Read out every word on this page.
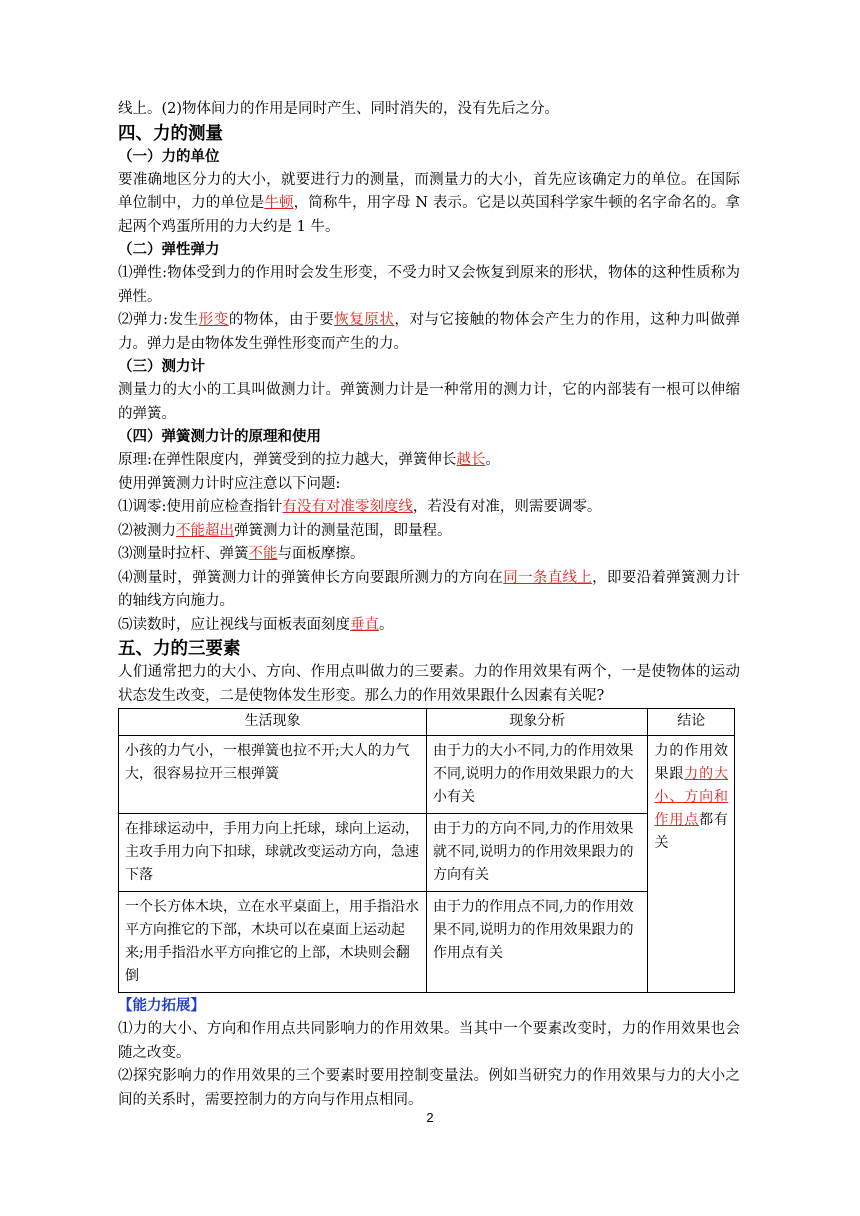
线上。(2)物体间力的作用是同时产生、同时消失的，没有先后之分。

四、力的测量

（一）力的单位

要准确地区分力的大小，就要进行力的测量，而测量力的大小，首先应该确定力的单位。在国际单位制中，力的单位是牛顿，简称牛，用字母 N 表示。它是以英国科学家牛顿的名字命名的。拿起两个鸡蛋所用的力大约是 1 牛。

（二）弹性弹力

⑴弹性:物体受到力的作用时会发生形变，不受力时又会恢复到原来的形状，物体的这种性质称为弹性。

⑵弹力:发生形变的物体，由于要恢复原状，对与它接触的物体会产生力的作用，这种力叫做弹力。弹力是由物体发生弹性形变而产生的力。

（三）测力计

测量力的大小的工具叫做测力计。弹簧测力计是一种常用的测力计，它的内部装有一根可以伸缩的弹簧。

（四）弹簧测力计的原理和使用

原理:在弹性限度内，弹簧受到的拉力越大，弹簧伸长越长。

使用弹簧测力计时应注意以下问题:

⑴调零:使用前应检查指针有没有对准零刻度线，若没有对准，则需要调零。

⑵被测力不能超出弹簧测力计的测量范围，即量程。

⑶测量时拉杆、弹簧不能与面板摩擦。

⑷测量时，弹簧测力计的弹簧伸长方向要跟所测力的方向在同一条直线上，即要沿着弹簧测力计的轴线方向施力。

⑸读数时，应让视线与面板表面刻度垂直。

五、力的三要素

人们通常把力的大小、方向、作用点叫做力的三要素。力的作用效果有两个，一是使物体的运动状态发生改变，二是使物体发生形变。那么力的作用效果跟什么因素有关呢?

生活现象	现象分析	结论
小孩的力气小，一根弹簧也拉不开;大人的力气大，很容易拉开三根弹簧	由于力的大小不同,力的作用效果不同,说明力的作用效果跟力的大小有关	力的作用效果跟力的大小、方向和作用点都有关
在排球运动中，手用力向上托球，球向上运动，主攻手用力向下扣球，球就改变运动方向，急速下落	由于力的方向不同,力的作用效果就不同,说明力的作用效果跟力的方向有关	
一个长方体木块，立在水平桌面上，用手指沿水平方向推它的下部，木块可以在桌面上运动起来;用手指沿水平方向推它的上部，木块则会翻倒	由于力的作用点不同,力的作用效果不同,说明力的作用效果跟力的作用点有关	

【能力拓展】

⑴力的大小、方向和作用点共同影响力的作用效果。当其中一个要素改变时，力的作用效果也会随之改变。

⑵探究影响力的作用效果的三个要素时要用控制变量法。例如当研究力的作用效果与力的大小之间的关系时，需要控制力的方向与作用点相同。

2
